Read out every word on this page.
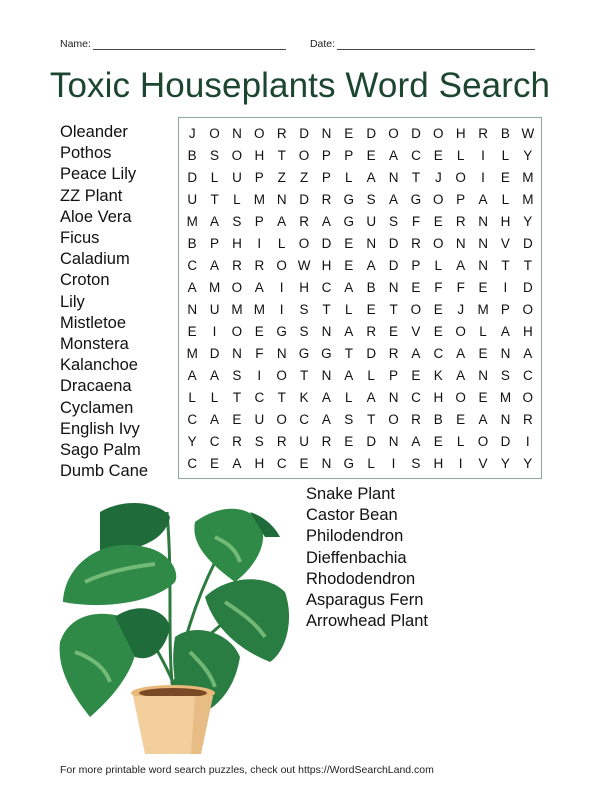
Name:	Date:
Toxic Houseplants Word Search
Oleander
Pothos
Peace Lily
ZZ Plant
Aloe Vera
Ficus
Caladium
Croton
Lily
Mistletoe
Monstera
Kalanchoe
Dracaena
Cyclamen
English Ivy
Sago Palm
Dumb Cane
J	O N O R D N E D O D O H R B W
B S O H T O P P E A C E	L	I	L	Y
D	L	U P	Z	Z	P	L	A N T	J	O	I	E M
U T	L M N D R G S A G O P A	L M
M A S P A R A G U S	F	E R N H Y
B P H	I	L O D E N D R O N N V D
C A R R O W H E A D P	L	A N T	T
A M O A	I	H C A B N E	F	F	E	I	D
N U M M	I	S	T	L	E	T O E	J M P O
E	I	O E G S N A R E V E O L	A H
M D N F N G G T D R A C A E N A
A A S	I	O T N A	L	P E K A N S C
L	L	T C T	K A	L	A N C H O E M O
C A E U O C A S	T O R B E A N R
Y C R S R U R E D N A E	L O D	I
C E A H C E N G L	I	S H	I	V Y Y
Snake Plant
Castor Bean
Philodendron
Dieffenbachia
Rhododendron
Asparagus Fern
Arrowhead Plant
For more printable word search puzzles, check out https://WordSearchLand.com
